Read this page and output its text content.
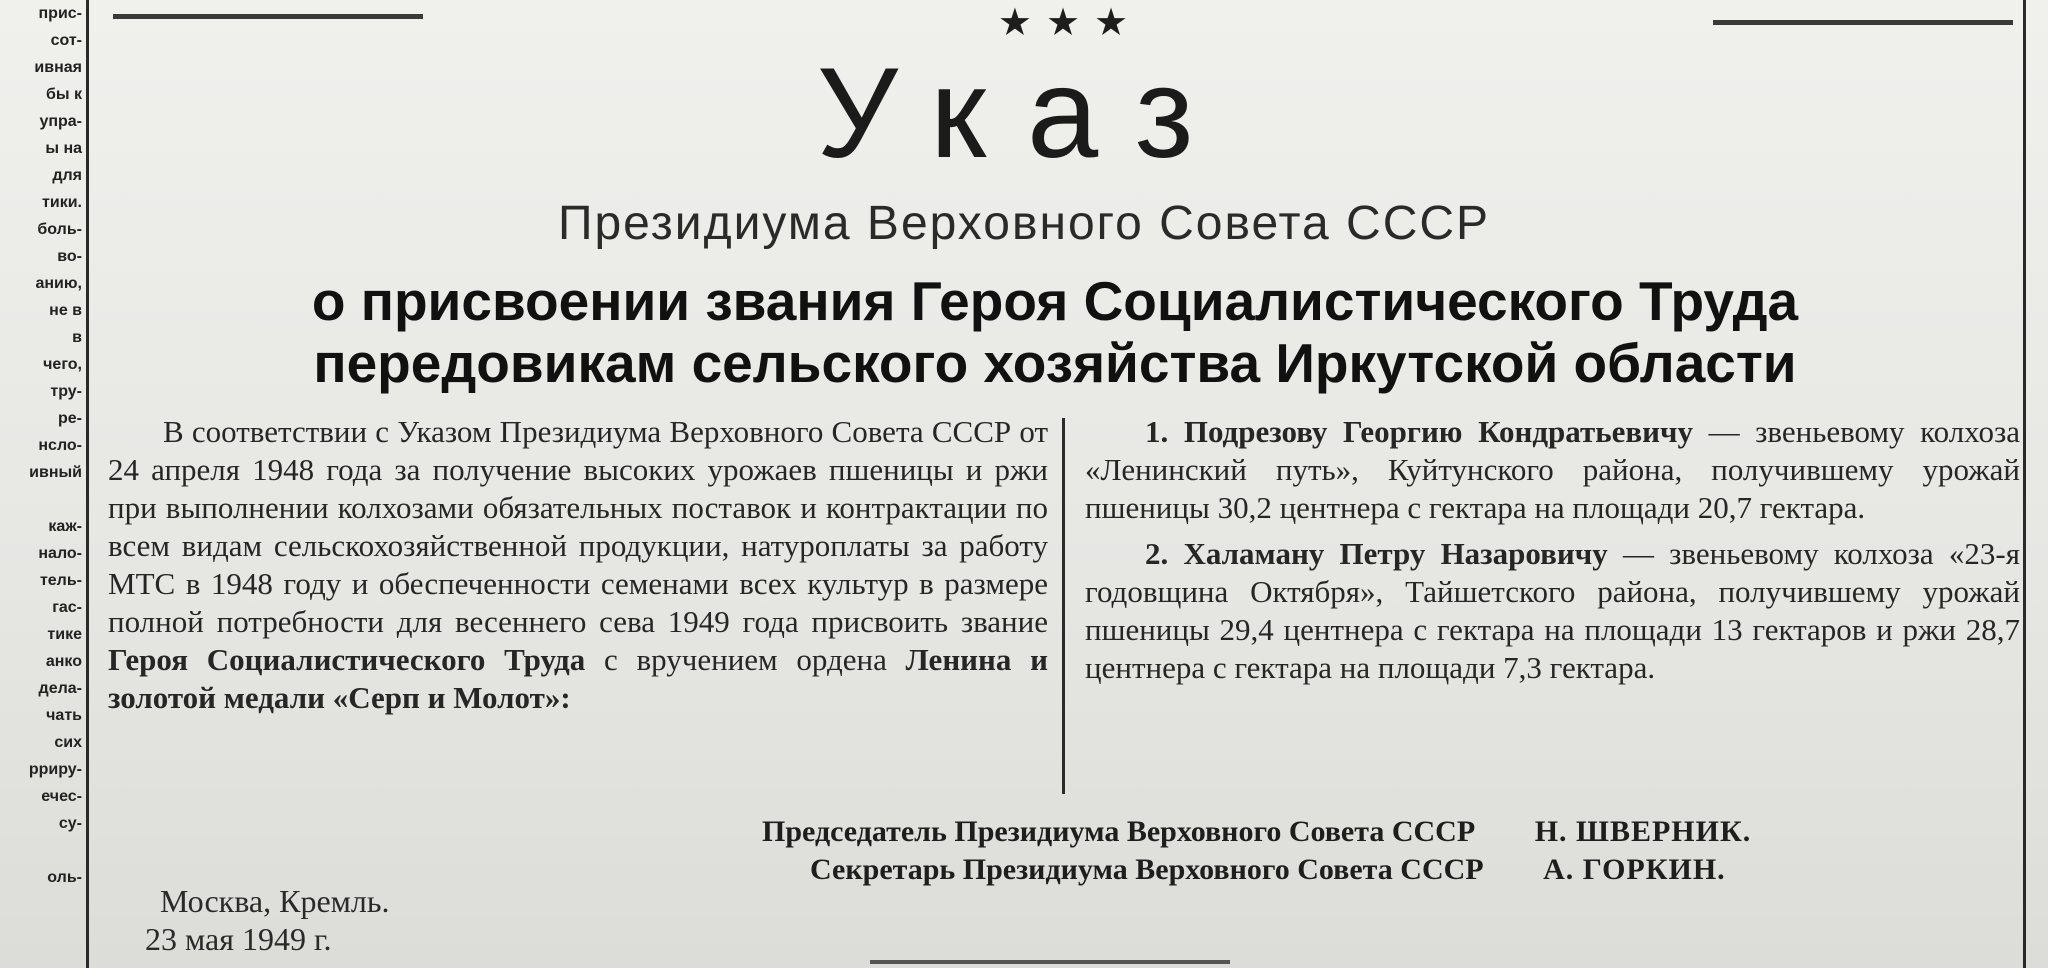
прис-
сот-
ивная
бы к
упра-
ы на
для
тики.
боль-
во-
анию,
не в
в
чего,
тру-
ре-
нсло-
ивный

каж-
нало-
тель-
гас-
тике
анко
дела-
чать
сих
рриру-
ечес-
су-

оль-
★★★
Указ
Президиума Верховного Совета СССР
о присвоении звания Героя Социалистического Труда
передовикам сельского хозяйства Иркутской области
В соответствии с Указом Президиума Верховного Совета СССР от 24 апреля 1948 года за получение высоких урожаев пшеницы и ржи при выполнении колхозами обязательных поставок и контрактации по всем видам сельскохозяйственной продукции, натуроплаты за работу МТС в 1948 году и обеспеченности семенами всех культур в размере полной потребности для весеннего сева 1949 года присвоить звание Героя Социалистического Труда с вручением ордена Ленина и золотой медали «Серп и Молот»:

1. Подрезову Георгию Кондратьевичу — звеньевому колхоза «Ленинский путь», Куйтунского района, получившему урожай пшеницы 30,2 центнера с гектара на площади 20,7 гектара.

2. Халаману Петру Назаровичу — звеньевому колхоза «23-я годовщина Октября», Тайшетского района, получившему урожай пшеницы 29,4 центнера с гектара на площади 13 гектаров и ржи 28,7 центнера с гектара на площади 7,3 гектара.

Председатель Президиума Верховного Совета СССР Н. ШВЕРНИК.
Секретарь Президиума Верховного Совета СССР А. ГОРКИН.
Москва, Кремль.
23 мая 1949 г.
